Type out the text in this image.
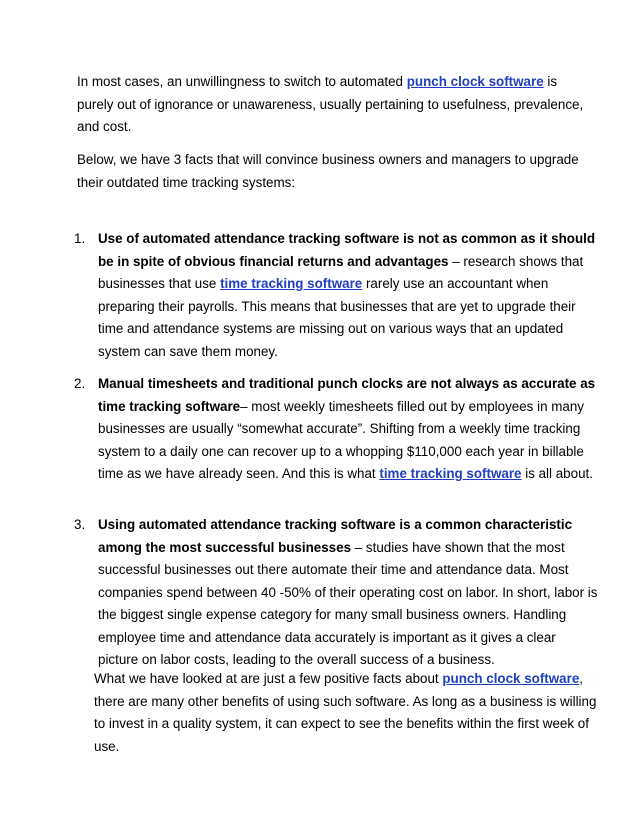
In most cases, an unwillingness to switch to automated punch clock software is purely out of ignorance or unawareness, usually pertaining to usefulness, prevalence, and cost.

Below, we have 3 facts that will convince business owners and managers to upgrade their outdated time tracking systems:

1. Use of automated attendance tracking software is not as common as it should be in spite of obvious financial returns and advantages – research shows that businesses that use time tracking software rarely use an accountant when preparing their payrolls. This means that businesses that are yet to upgrade their time and attendance systems are missing out on various ways that an updated system can save them money.
2. Manual timesheets and traditional punch clocks are not always as accurate as time tracking software– most weekly timesheets filled out by employees in many businesses are usually “somewhat accurate”. Shifting from a weekly time tracking system to a daily one can recover up to a whopping $110,000 each year in billable time as we have already seen. And this is what time tracking software is all about.
3. Using automated attendance tracking software is a common characteristic among the most successful businesses – studies have shown that the most successful businesses out there automate their time and attendance data. Most companies spend between 40 -50% of their operating cost on labor. In short, labor is the biggest single expense category for many small business owners. Handling employee time and attendance data accurately is important as it gives a clear picture on labor costs, leading to the overall success of a business.

What we have looked at are just a few positive facts about punch clock software, there are many other benefits of using such software. As long as a business is willing to invest in a quality system, it can expect to see the benefits within the first week of use.
